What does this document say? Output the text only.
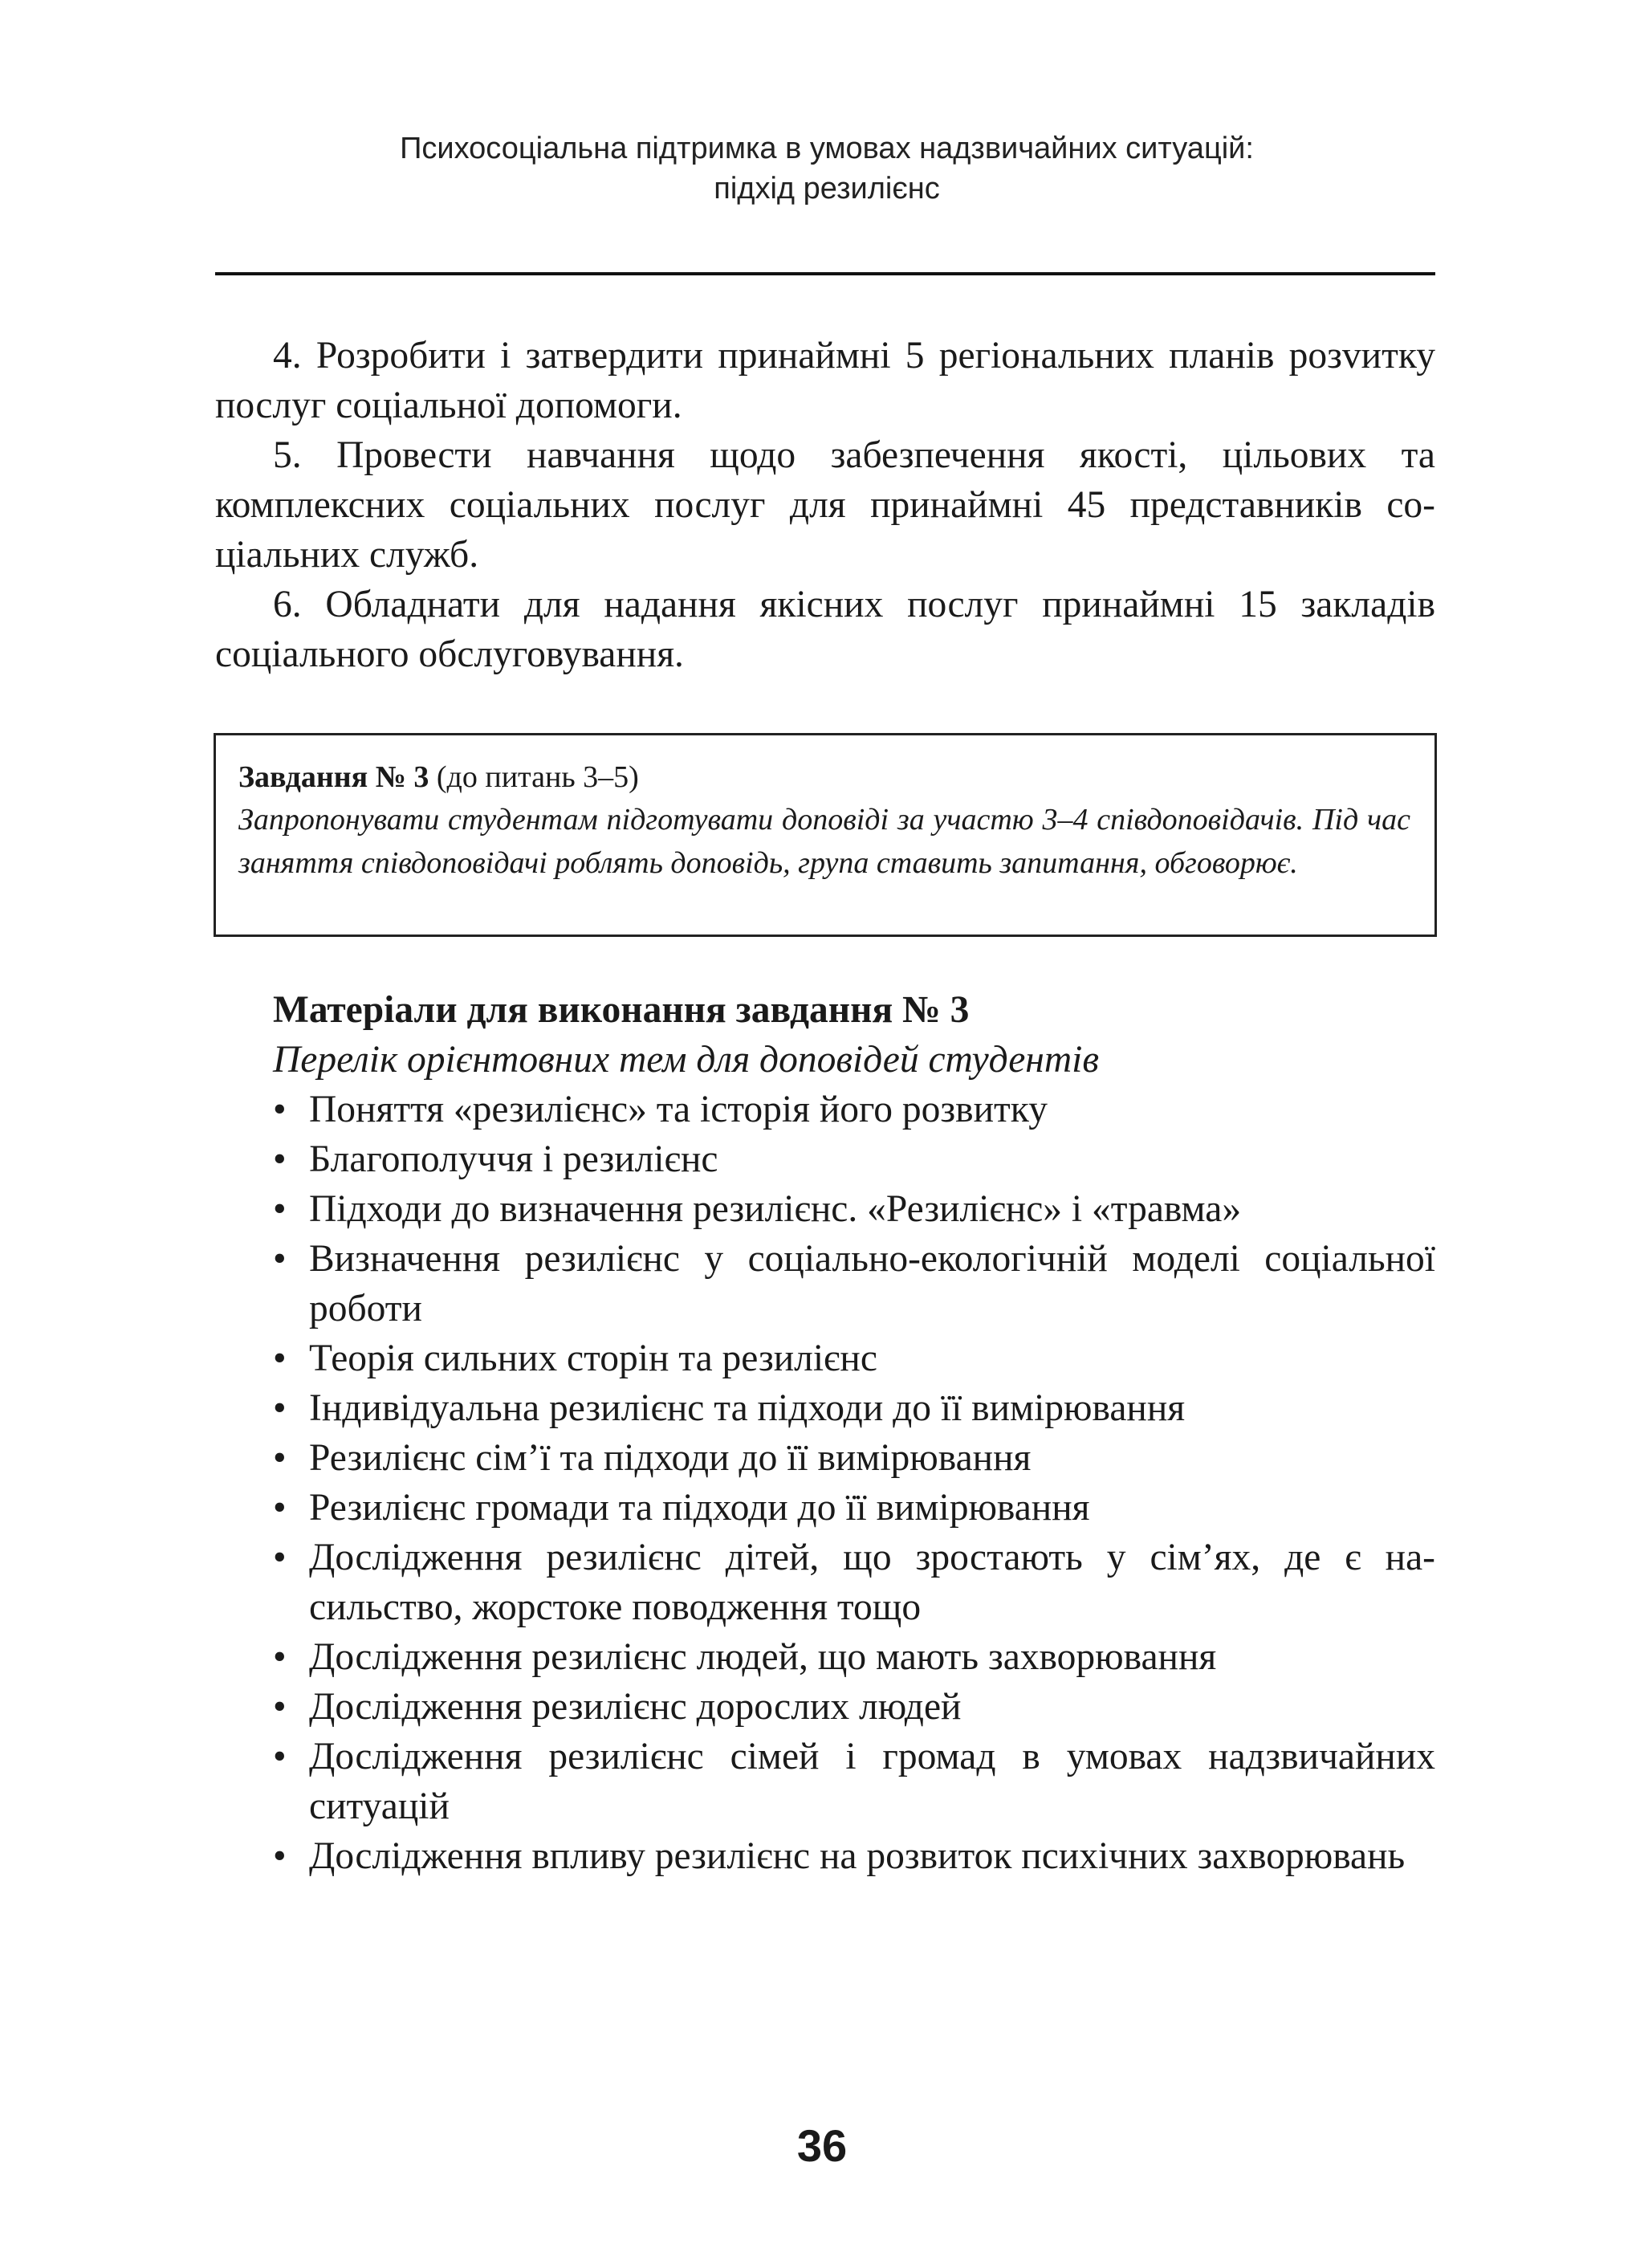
Психосоціальна підтримка в умовах надзвичайних ситуацій:
підхід резилієнс

4. Розробити і затвердити принаймні 5 регіональних планів розvитку послуг соціальної допомоги.

5. Провести навчання щодо забезпечення якості, цільових та комплексних соціальних послуг для принаймні 45 представників соціальних служб.

6. Обладнати для надання якісних послуг принаймні 15 закладів соціального обслуговування.

Завдання № 3 (до питань 3–5)

Запропонувати студентам підготувати доповіді за участю 3–4 співдоповідачів. Під час заняття співдоповідачі роблять доповідь, група ставить запитання, обговорює.

Матеріали для виконання завдання № 3

Перелік орієнтовних тем для доповідей студентів

• Поняття «резилієнс» та історія його розвитку
• Благополуччя і резилієнс
• Підходи до визначення резилієнс. «Резилієнс» і «травма»
• Визначення резилієнс у соціально-екологічній моделі соціальної роботи
• Теорія сильних сторін та резилієнс
• Індивідуальна резилієнс та підходи до її вимірювання
• Резилієнс сім’ї та підходи до її вимірювання
• Резилієнс громади та підходи до її вимірювання
• Дослідження резилієнс дітей, що зростають у сім’ях, де є насильство, жорстоке поводження тощо
• Дослідження резилієнс людей, що мають захворювання
• Дослідження резилієнс дорослих людей
• Дослідження резилієнс сімей і громад в умовах надзвичайних ситуацій
• Дослідження впливу резилієнс на розвиток психічних захворювань
36
